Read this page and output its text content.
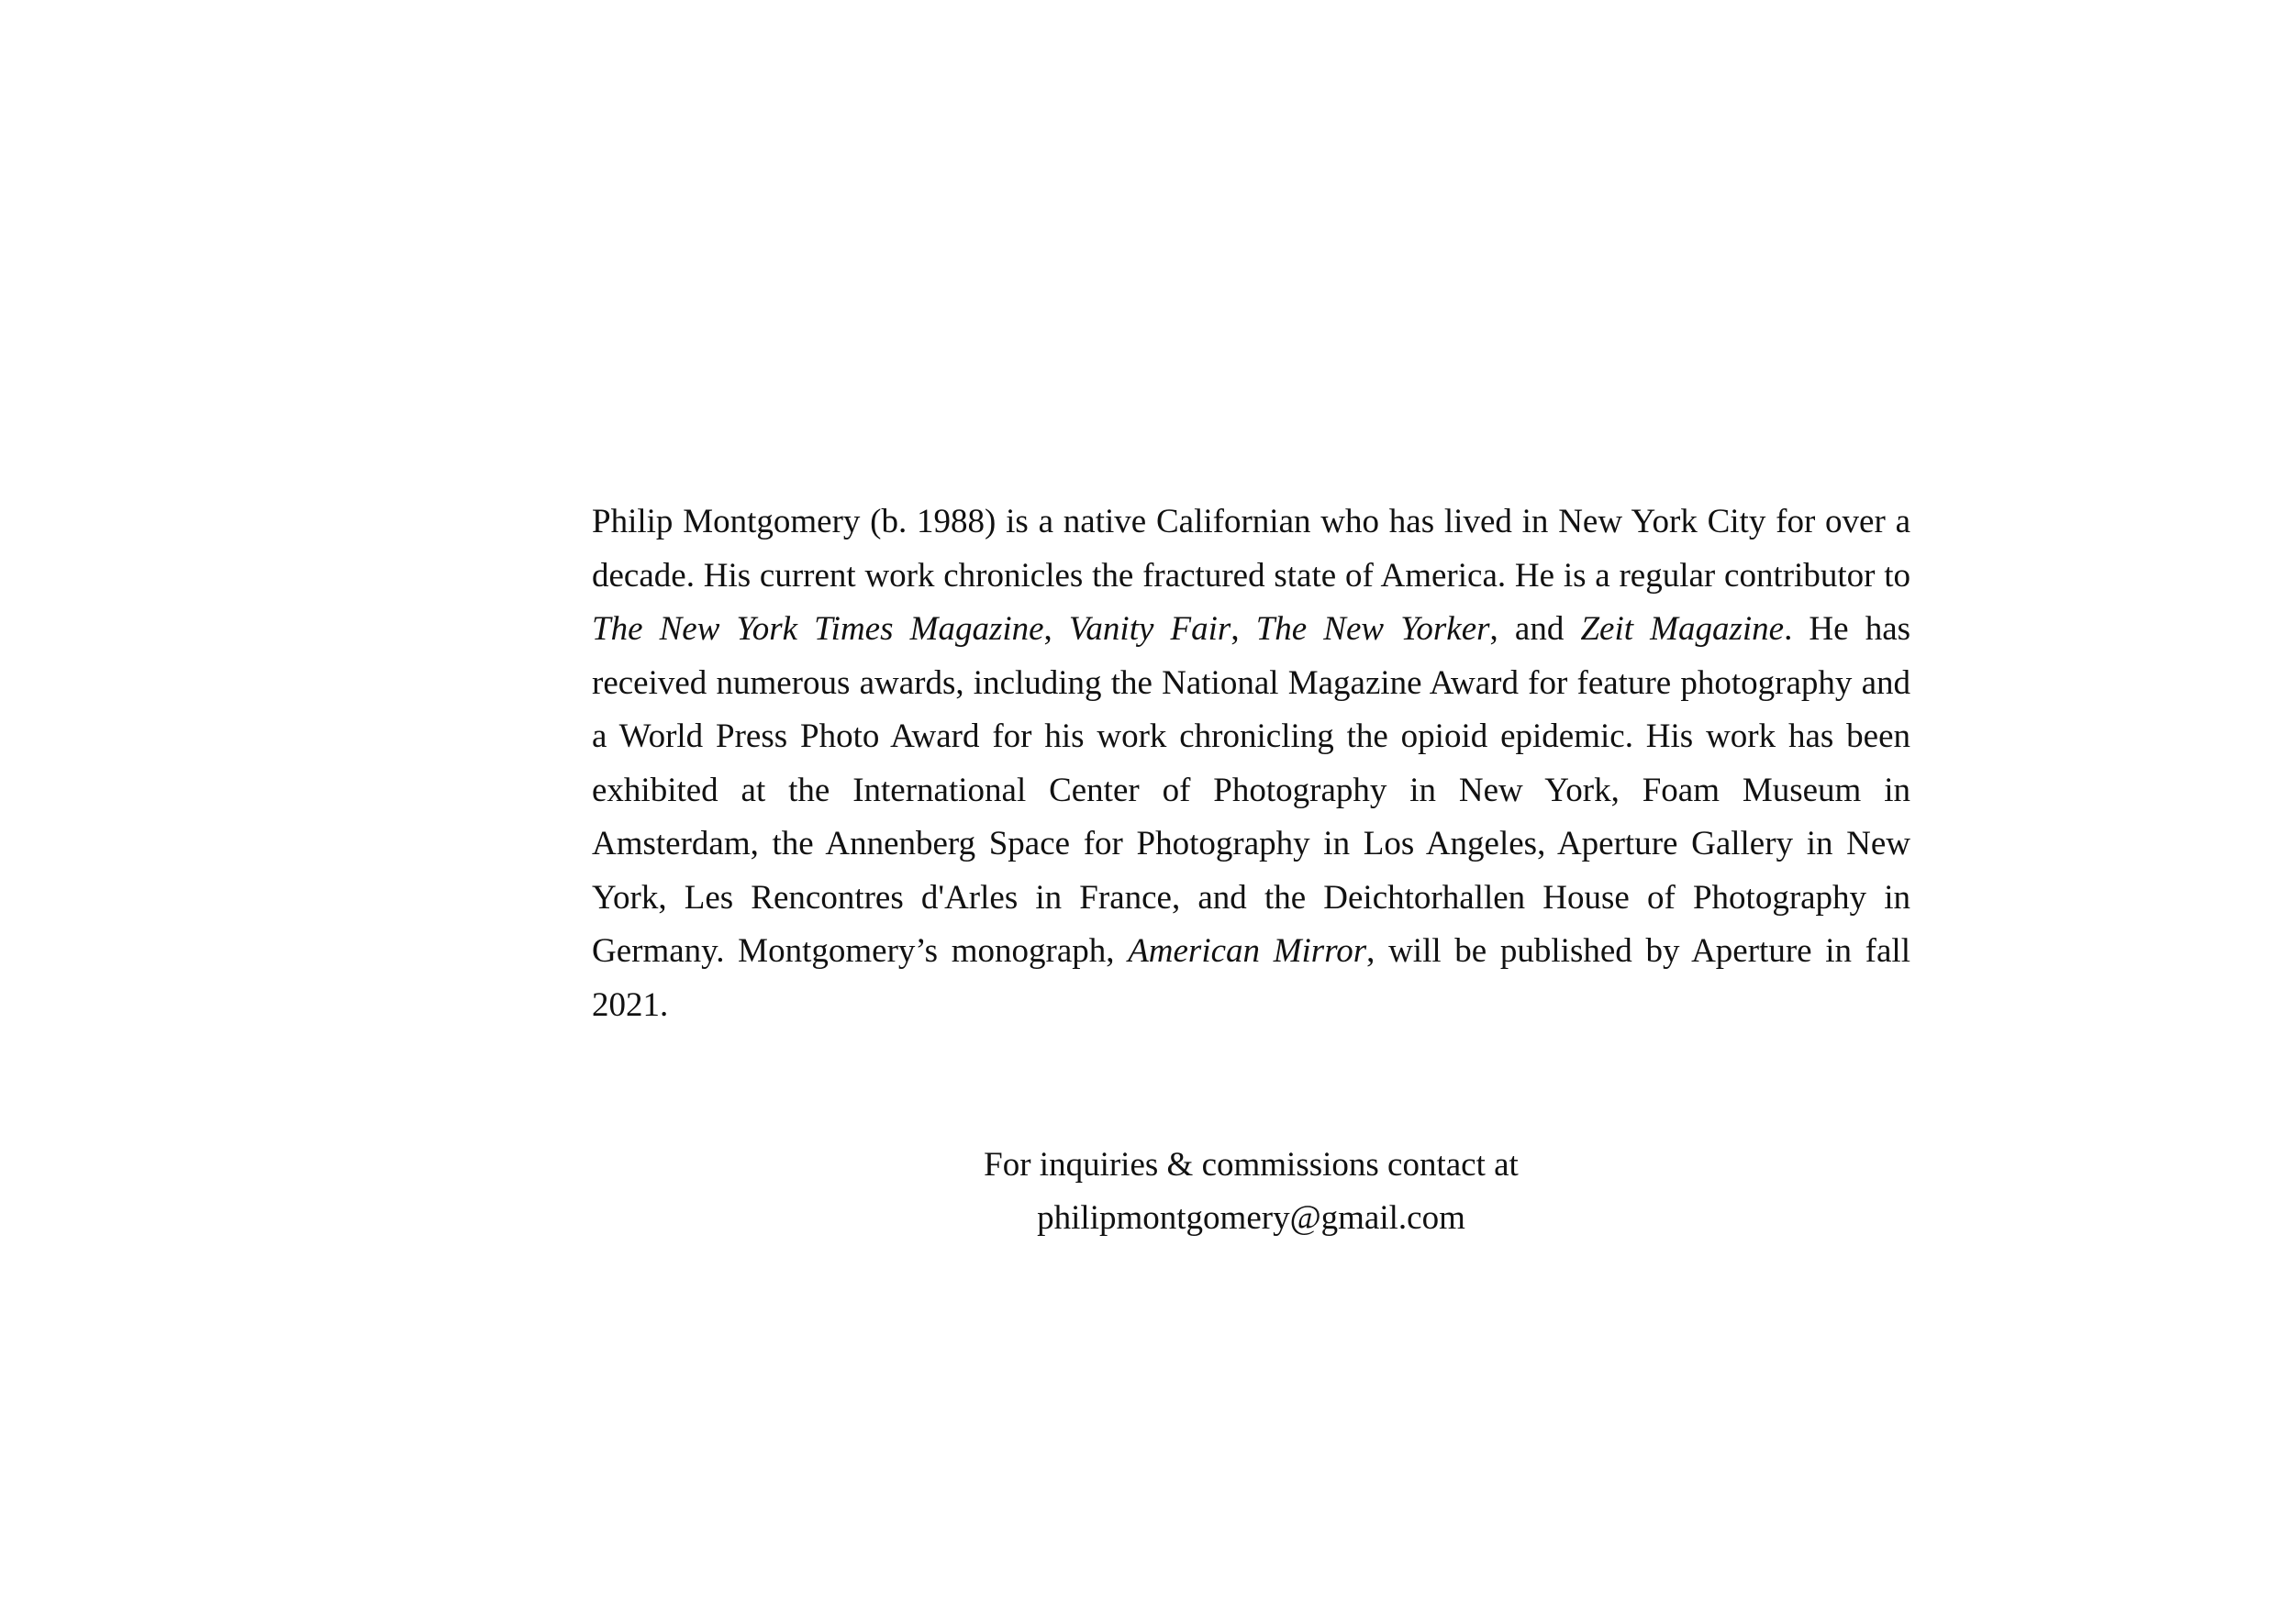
Philip Montgomery (b. 1988) is a native Californian who has lived in New York City for over a decade. His current work chronicles the fractured state of America. He is a regular contributor to The New York Times Magazine, Vanity Fair, The New Yorker, and Zeit Magazine. He has received numerous awards, including the National Magazine Award for feature photography and a World Press Photo Award for his work chronicling the opioid epidemic. His work has been exhibited at the International Center of Photography in New York, Foam Museum in Amsterdam, the Annenberg Space for Photography in Los Angeles, Aperture Gallery in New York, Les Rencontres d'Arles in France, and the Deichtorhallen House of Photography in Germany. Montgomery’s monograph, American Mirror, will be published by Aperture in fall 2021.

For inquiries & commissions contact at
philipmontgomery@gmail.com
